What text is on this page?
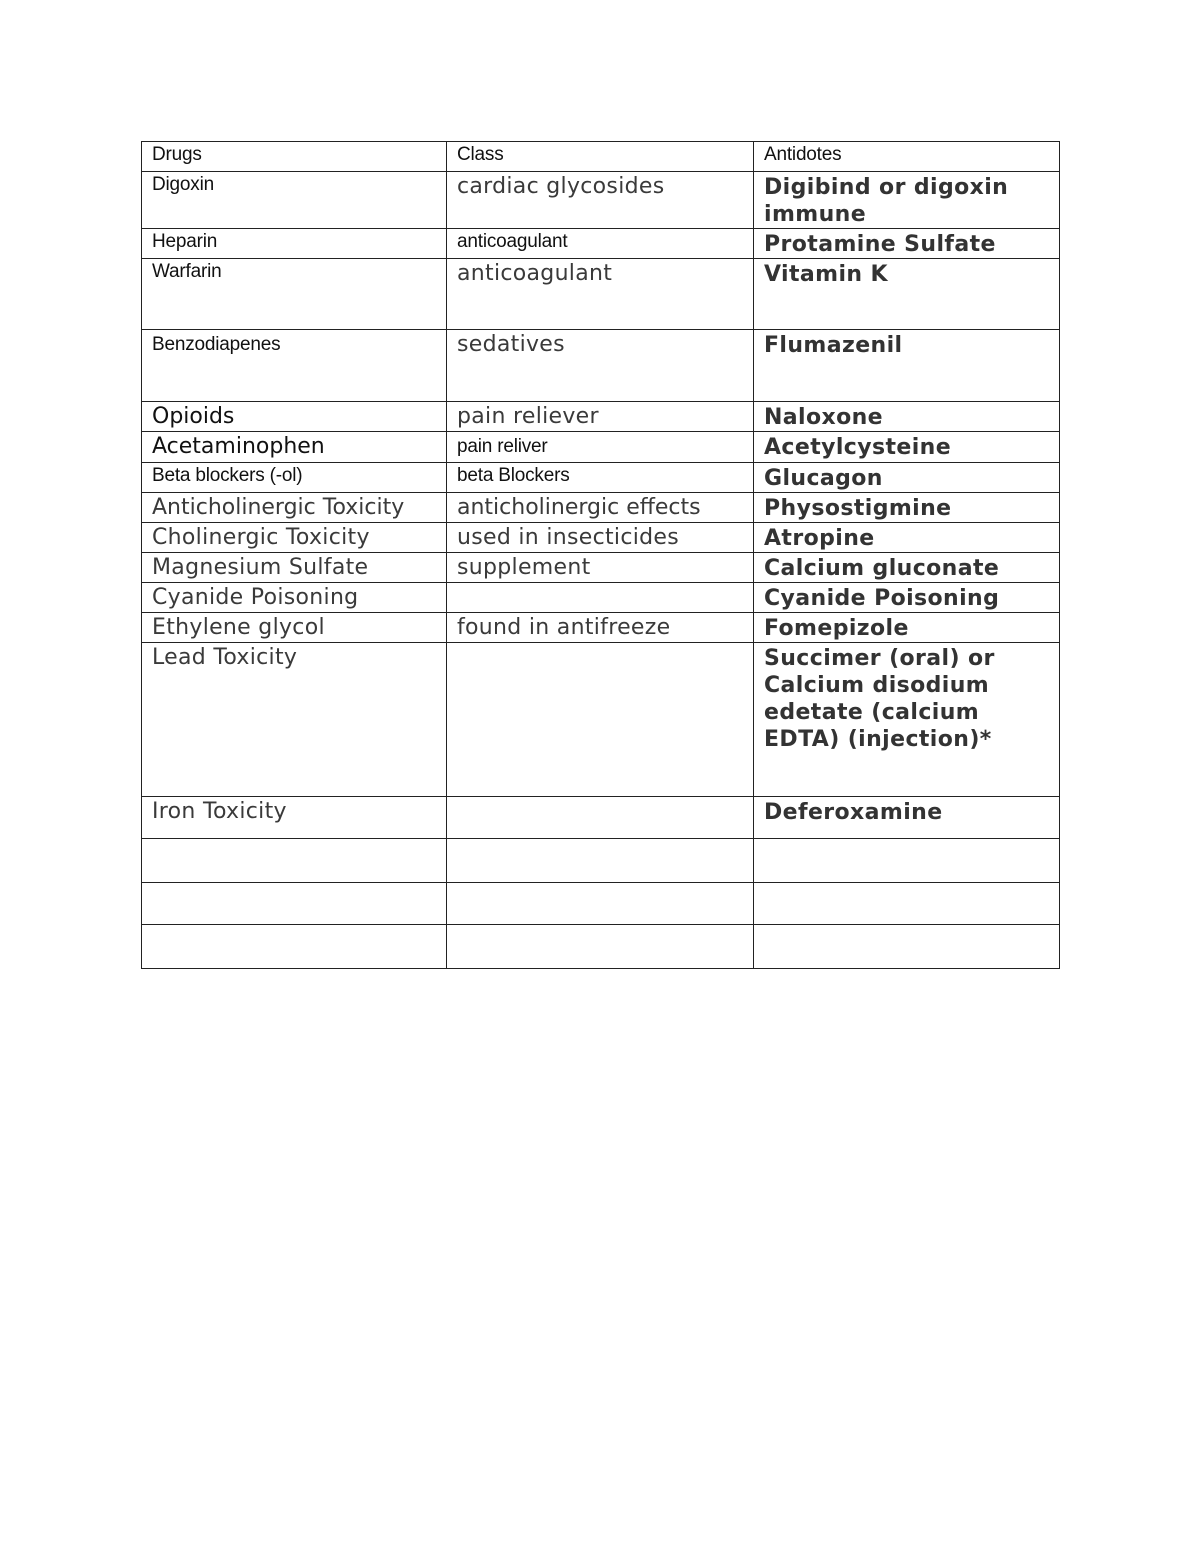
Drugs	Class	Antidotes
Digoxin	cardiac glycosides	Digibind or digoxin immune
Heparin	anticoagulant	Protamine Sulfate
Warfarin	anticoagulant	Vitamin K
Benzodiapenes	sedatives	Flumazenil
Opioids	pain reliever	Naloxone
Acetaminophen	pain reliver	Acetylcysteine
Beta blockers (-ol)	beta Blockers	Glucagon
Anticholinergic Toxicity	anticholinergic effects	Physostigmine
Cholinergic Toxicity	used in insecticides	Atropine
Magnesium Sulfate	supplement	Calcium gluconate
Cyanide Poisoning		Cyanide Poisoning
Ethylene glycol	found in antifreeze	Fomepizole
Lead Toxicity		Succimer (oral) or Calcium disodium edetate (calcium EDTA) (injection)*
Iron Toxicity		Deferoxamine
